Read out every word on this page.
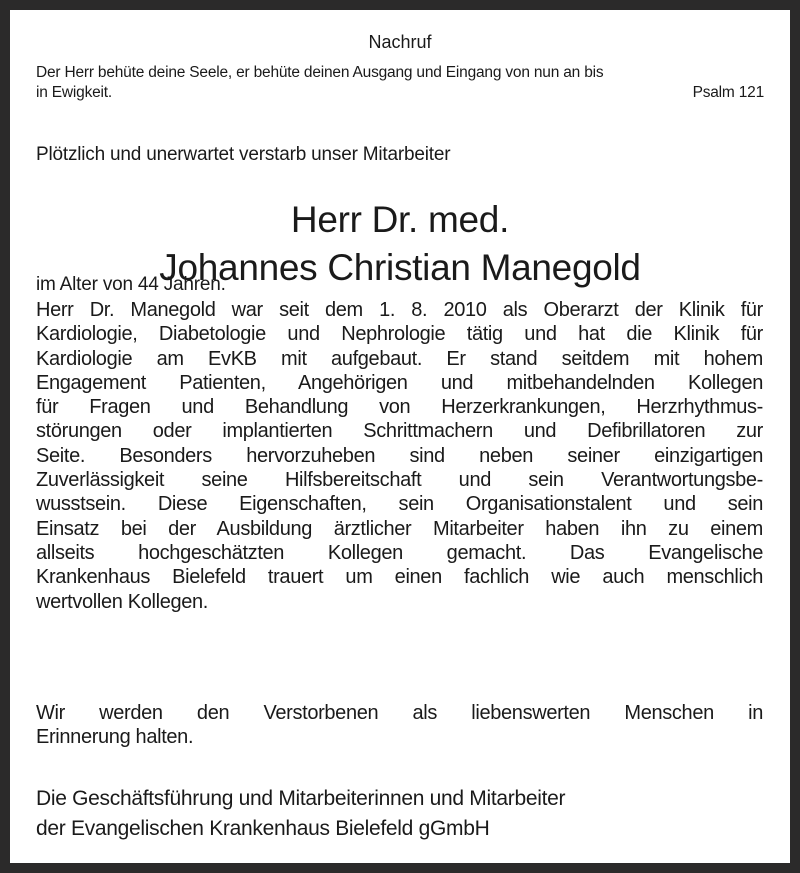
Nachruf
Der Herr behüte deine Seele, er behüte deinen Ausgang und Eingang von nun an bis
in Ewigkeit.	Psalm 121
Plötzlich und unerwartet verstarb unser Mitarbeiter
Herr Dr. med.
Johannes Christian Manegold
im Alter von 44 Jahren.
Herr Dr. Manegold war seit dem 1. 8. 2010 als Oberarzt der Klinik für
Kardiologie, Diabetologie und Nephrologie tätig und hat die Klinik für
Kardiologie am EvKB mit aufgebaut. Er stand seitdem mit hohem
Engagement Patienten, Angehörigen und mitbehandelnden Kollegen
für Fragen und Behandlung von Herzerkrankungen, Herzrhythmus-
störungen oder implantierten Schrittmachern und Defibrillatoren zur
Seite. Besonders hervorzuheben sind neben seiner einzigartigen
Zuverlässigkeit seine Hilfsbereitschaft und sein Verantwortungsbe-
wusstsein. Diese Eigenschaften, sein Organisationstalent und sein
Einsatz bei der Ausbildung ärztlicher Mitarbeiter haben ihn zu einem
allseits hochgeschätzten Kollegen gemacht. Das Evangelische
Krankenhaus Bielefeld trauert um einen fachlich wie auch menschlich
wertvollen Kollegen.
Wir werden den Verstorbenen als liebenswerten Menschen in
Erinnerung halten.
Die Geschäftsführung und Mitarbeiterinnen und Mitarbeiter
der Evangelischen Krankenhaus Bielefeld gGmbH
